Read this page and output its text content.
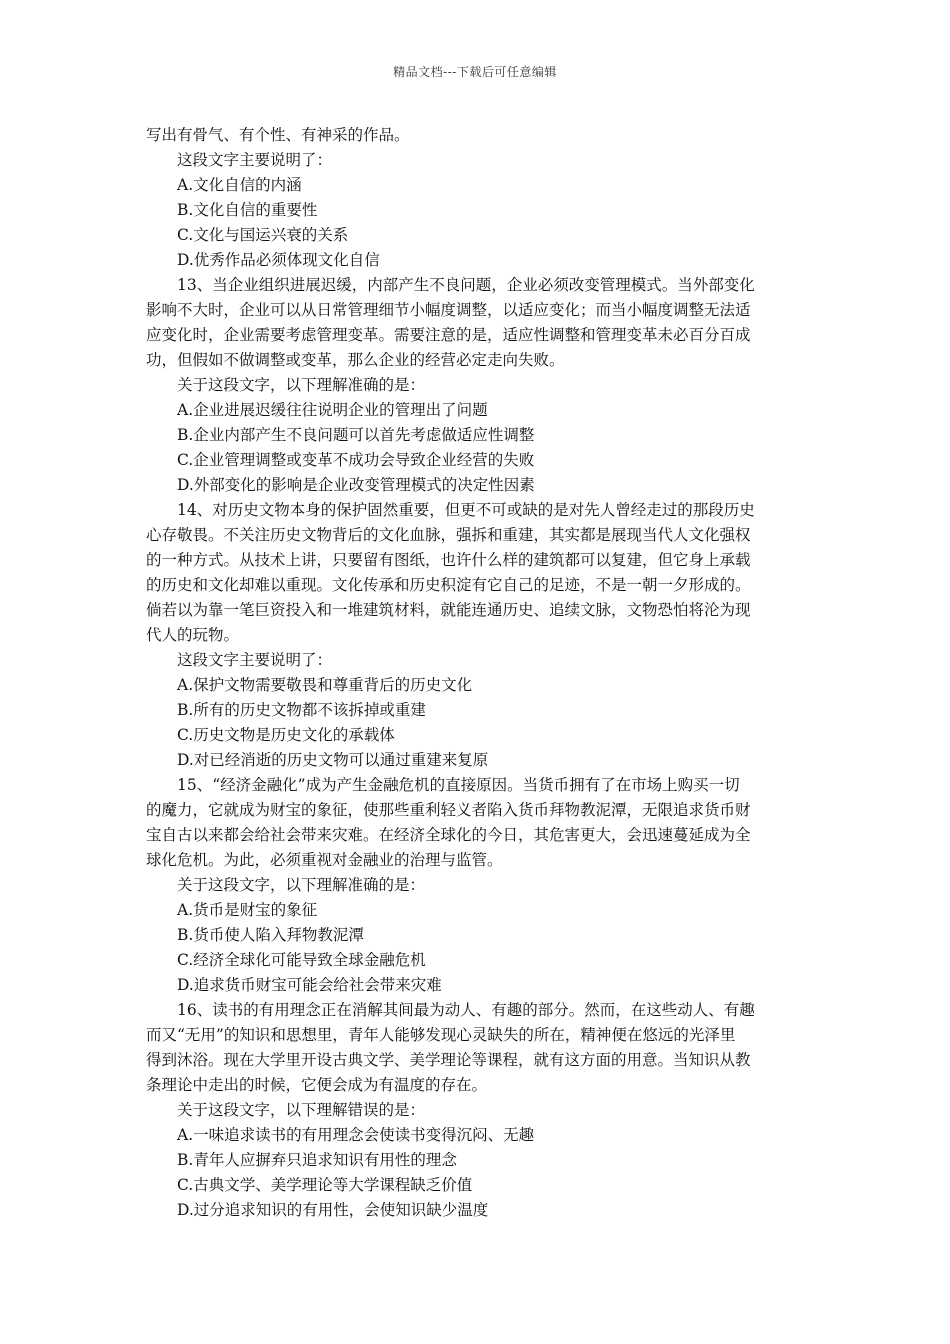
精品文档---下载后可任意编辑

写出有骨气、有个性、有神采的作品。

这段文字主要说明了：

A.文化自信的内涵

B.文化自信的重要性

C.文化与国运兴衰的关系

D.优秀作品必须体现文化自信

13、当企业组织进展迟缓，内部产生不良问题，企业必须改变管理模式。当外部变化

影响不大时，企业可以从日常管理细节小幅度调整，以适应变化；而当小幅度调整无法适

应变化时，企业需要考虑管理变革。需要注意的是，适应性调整和管理变革未必百分百成

功，但假如不做调整或变革，那么企业的经营必定走向失败。

关于这段文字，以下理解准确的是：

A.企业进展迟缓往往说明企业的管理出了问题

B.企业内部产生不良问题可以首先考虑做适应性调整

C.企业管理调整或变革不成功会导致企业经营的失败

D.外部变化的影响是企业改变管理模式的决定性因素

14、对历史文物本身的保护固然重要，但更不可或缺的是对先人曾经走过的那段历史

心存敬畏。不关注历史文物背后的文化血脉，强拆和重建，其实都是展现当代人文化强权

的一种方式。从技术上讲，只要留有图纸，也许什么样的建筑都可以复建，但它身上承载

的历史和文化却难以重现。文化传承和历史积淀有它自己的足迹，不是一朝一夕形成的。

倘若以为靠一笔巨资投入和一堆建筑材料，就能连通历史、追续文脉，文物恐怕将沦为现

代人的玩物。

这段文字主要说明了：

A.保护文物需要敬畏和尊重背后的历史文化

B.所有的历史文物都不该拆掉或重建

C.历史文物是历史文化的承载体

D.对已经消逝的历史文物可以通过重建来复原

15、“经济金融化”成为产生金融危机的直接原因。当货币拥有了在市场上购买一切

的魔力，它就成为财宝的象征，使那些重利轻义者陷入货币拜物教泥潭，无限追求货币财

宝自古以来都会给社会带来灾难。在经济全球化的今日，其危害更大，会迅速蔓延成为全

球化危机。为此，必须重视对金融业的治理与监管。

关于这段文字，以下理解准确的是：

A.货币是财宝的象征

B.货币使人陷入拜物教泥潭

C.经济全球化可能导致全球金融危机

D.追求货币财宝可能会给社会带来灾难

16、读书的有用理念正在消解其间最为动人、有趣的部分。然而，在这些动人、有趣

而又“无用”的知识和思想里，青年人能够发现心灵缺失的所在，精神便在悠远的光泽里

得到沐浴。现在大学里开设古典文学、美学理论等课程，就有这方面的用意。当知识从教

条理论中走出的时候，它便会成为有温度的存在。

关于这段文字，以下理解错误的是：

A.一味追求读书的有用理念会使读书变得沉闷、无趣

B.青年人应摒弃只追求知识有用性的理念

C.古典文学、美学理论等大学课程缺乏价值

D.过分追求知识的有用性，会使知识缺少温度
